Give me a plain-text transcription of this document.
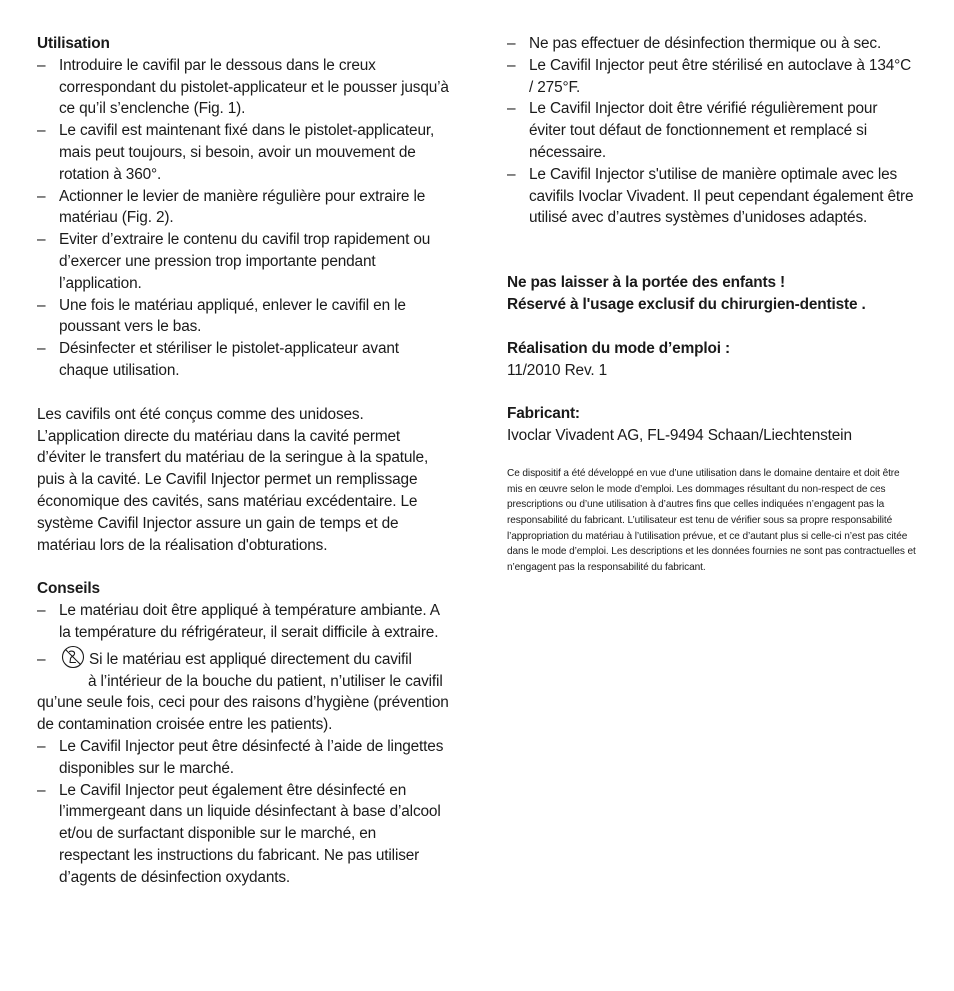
Utilisation
– Introduire le cavifil par le dessous dans le creux correspondant du pistolet-applicateur et le pousser jusqu’à ce qu’il s’enclenche (Fig. 1).
– Le cavifil est maintenant fixé dans le pistolet-applicateur, mais peut toujours, si besoin, avoir un mouvement de rotation à 360°.
– Actionner le levier de manière régulière pour extraire le matériau (Fig. 2).
– Eviter d’extraire le contenu du cavifil trop rapidement ou d’exercer une pression trop importante pendant l’application.
– Une fois le matériau appliqué, enlever le cavifil en le poussant vers le bas.
– Désinfecter et stériliser le pistolet-applicateur avant chaque utilisation.

Les cavifils ont été conçus comme des unidoses. L’application directe du matériau dans la cavité permet d’éviter le transfert du matériau de la seringue à la spatule, puis à la cavité. Le Cavifil Injector permet un remplissage économique des cavités, sans matériau excédentaire. Le système Cavifil Injector assure un gain de temps et de matériau lors de la réalisation d'obturations.

Conseils
– Le matériau doit être appliqué à température ambiante. A la température du réfrigérateur, il serait difficile à extraire.
–	Si le matériau est appliqué directement du cavifil
à l’intérieur de la bouche du patient, n’utiliser le cavifil qu’une seule fois, ceci pour des raisons d’hygiène (prévention de contamination croisée entre les patients).
– Le Cavifil Injector peut être désinfecté à l’aide de lingettes disponibles sur le marché.
– Le Cavifil Injector peut également être désinfecté en l’immergeant dans un liquide désinfectant à base d’alcool et/ou de surfactant disponible sur le marché, en respectant les instructions du fabricant. Ne pas utiliser d’agents de désinfection oxydants.
– Ne pas effectuer de désinfection thermique ou à sec.
– Le Cavifil Injector peut être stérilisé en autoclave à 134°C / 275°F.
– Le Cavifil Injector doit être vérifié régulièrement pour éviter tout défaut de fonctionnement et remplacé si nécessaire.
– Le Cavifil Injector s'utilise de manière optimale avec les cavifils Ivoclar Vivadent. Il peut cependant également être utilisé avec d’autres systèmes d’unidoses adaptés.
Ne pas laisser à la portée des enfants !
Réservé à l'usage exclusif du chirurgien-dentiste .
Réalisation du mode d’emploi :
11/2010 Rev. 1
Fabricant:
Ivoclar Vivadent AG, FL-9494 Schaan/Liechtenstein

Ce dispositif a été développé en vue d’une utilisation dans le domaine dentaire et doit être mis en œuvre selon le mode d’emploi. Les dommages résultant du non-respect de ces prescriptions ou d’une utilisation à d’autres fins que celles indiquées n’engagent pas la responsabilité du fabricant. L’utilisateur est tenu de vérifier sous sa propre responsabilité l’appropriation du matériau à l’utilisation prévue, et ce d’autant plus si celle-ci n’est pas citée dans le mode d’emploi. Les descriptions et les données fournies ne sont pas contractuelles et n’engagent pas la responsabilité du fabricant.
